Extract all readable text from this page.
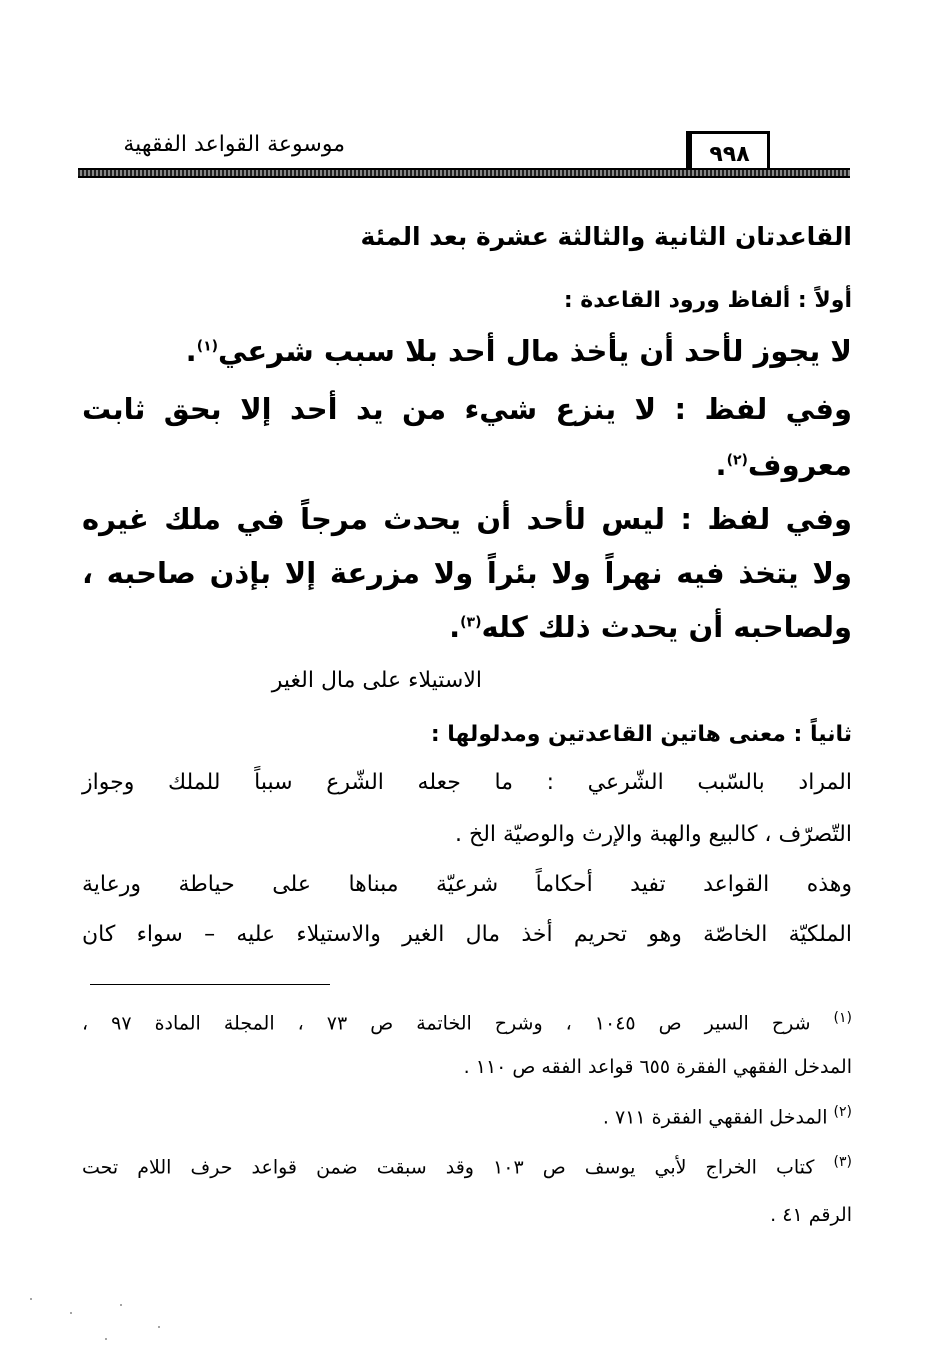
موسوعة القواعد الفقهية	٩٩٨
القاعدتان الثانية والثالثة عشرة بعد المئة
أولاً : ألفاظ ورود القاعدة :
لا يجوز لأحد أن يأخذ مال أحد بلا سبب شرعي$^{(١)}$.
وفي لفظ : لا ينزع شيء من يد أحد إلا بحق ثابت
معروف$^{(٢)}$.
وفي لفظ : ليس لأحد أن يحدث مرجاً في ملك غيره
ولا يتخذ فيه نهراً ولا بئراً ولا مزرعة إلا بإذن صاحبه ،
ولصاحبه أن يحدث ذلك كله$^{(٣)}$.
الاستيلاء على مال الغير
ثانياً : معنى هاتين القاعدتين ومدلولها :
المراد بالسّبب الشّرعي : ما جعله الشّرع سبباً للملك وجواز
التّصرّف ، كالبيع والهبة والإرث والوصيّة الخ .
وهذه القواعد تفيد أحكاماً شرعيّة مبناها على حياطة ورعاية
الملكيّة الخاصّة وهو تحريم أخذ مال الغير والاستيلاء عليه – سواء كان
$^{(١)}$ شرح السير ص ١٠٤٥ ، وشرح الخاتمة ص ٧٣ ، المجلة المادة ٩٧ ،
المدخل الفقهي الفقرة ٦٥٥ قواعد الفقه ص ١١٠ .
$^{(٢)}$ المدخل الفقهي الفقرة ٧١١ .
$^{(٣)}$ كتاب الخراج لأبي يوسف ص ١٠٣ وقد سبقت ضمن قواعد حرف اللام تحت
الرقم ٤١ .
